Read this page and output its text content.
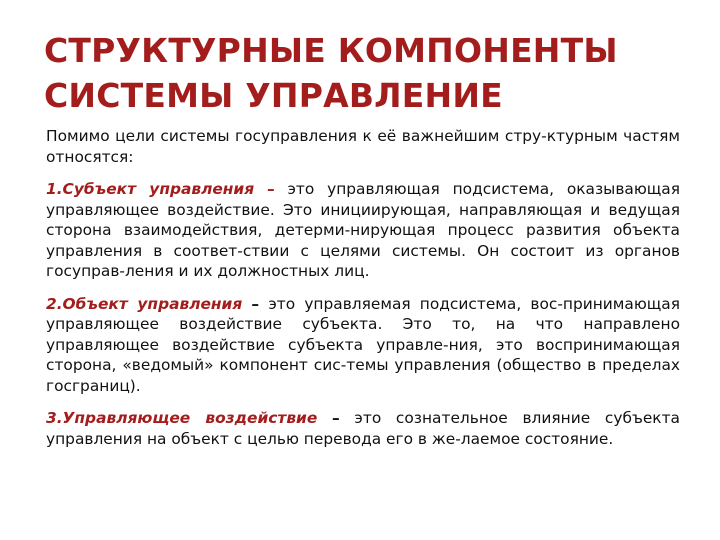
СТРУКТУРНЫЕ КОМПОНЕНТЫ
СИСТЕМЫ УПРАВЛЕНИЕ

Помимо цели системы госуправления к её важнейшим стру-ктурным частям относятся:

1.Субъект управления – это управляющая подсистема, оказывающая управляющее воздействие. Это инициирующая, направляющая и ведущая сторона взаимодействия, детерми-нирующая процесс развития объекта управления в соответ-ствии с целями системы. Он состоит из органов госуправ-ления и их должностных лиц.

2.Объект управления – это управляемая подсистема, вос-принимающая управляющее воздействие субъекта. Это то, на что направлено управляющее воздействие субъекта управле-ния, это воспринимающая сторона, «ведомый» компонент сис-темы управления (общество в пределах госграниц).

3.Управляющее воздействие – это сознательное влияние субъекта управления на объект с целью перевода его в же-лаемое состояние.
